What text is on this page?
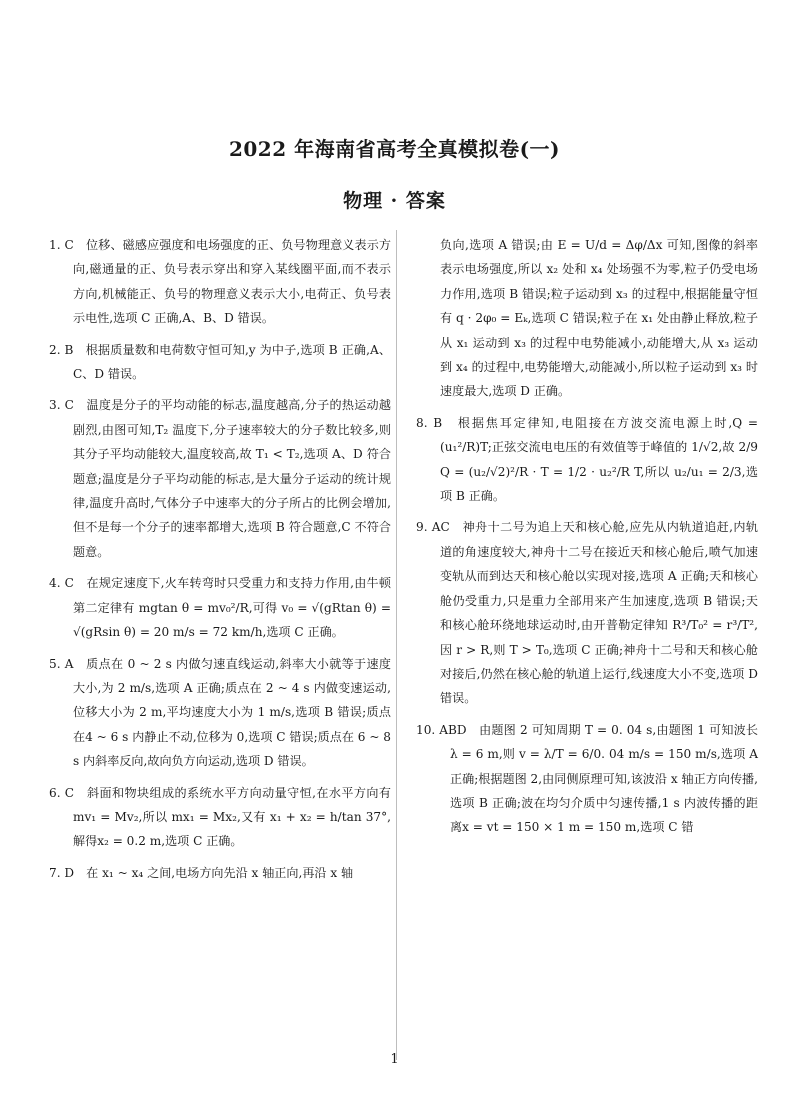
2022 年海南省高考全真模拟卷(一)
物理 · 答案

1. C　位移、磁感应强度和电场强度的正、负号物理意义表示方向,磁通量的正、负号表示穿出和穿入某线圈平面,而不表示方向,机械能正、负号的物理意义表示大小,电荷正、负号表示电性,选项 C 正确,A、B、D 错误。

2. B　根据质量数和电荷数守恒可知,y 为中子,选项 B 正确,A、C、D 错误。

3. C　温度是分子的平均动能的标志,温度越高,分子的热运动越剧烈,由图可知,T₂ 温度下,分子速率较大的分子数比较多,则其分子平均动能较大,温度较高,故 T₁ < T₂,选项 A、D 符合题意;温度是分子平均动能的标志,是大量分子运动的统计规律,温度升高时,气体分子中速率大的分子所占的比例会增加,但不是每一个分子的速率都增大,选项 B 符合题意,C 不符合题意。

4. C　在规定速度下,火车转弯时只受重力和支持力作用,由牛顿第二定律有 mgtan θ = mv₀²/R,可得 v₀ = √(gRtan θ) = √(gRsin θ) = 20 m/s = 72 km/h,选项 C 正确。

5. A　质点在 0 ~ 2 s 内做匀速直线运动,斜率大小就等于速度大小,为 2 m/s,选项 A 正确;质点在 2 ~ 4 s 内做变速运动,位移大小为 2 m,平均速度大小为 1 m/s,选项 B 错误;质点在4 ~ 6 s 内静止不动,位移为 0,选项 C 错误;质点在 6 ~ 8 s 内斜率反向,故向负方向运动,选项 D 错误。

6. C　斜面和物块组成的系统水平方向动量守恒,在水平方向有 mv₁ = Mv₂,所以 mx₁ = Mx₂,又有 x₁ + x₂ = h/tan 37°,解得x₂ = 0.2 m,选项 C 正确。

7. D　在 x₁ ~ x₄ 之间,电场方向先沿 x 轴正向,再沿 x 轴

负向,选项 A 错误;由 E = U/d = Δφ/Δx 可知,图像的斜率表示电场强度,所以 x₂ 处和 x₄ 处场强不为零,粒子仍受电场力作用,选项 B 错误;粒子运动到 x₃ 的过程中,根据能量守恒有 q · 2φ₀ = Eₖ,选项 C 错误;粒子在 x₁ 处由静止释放,粒子从 x₁ 运动到 x₃ 的过程中电势能减小,动能增大,从 x₃ 运动到 x₄ 的过程中,电势能增大,动能减小,所以粒子运动到 x₃ 时速度最大,选项 D 正确。

8. B　根据焦耳定律知,电阻接在方波交流电源上时,Q = (u₁²/R)T;正弦交流电电压的有效值等于峰值的 1/√2,故 2/9 Q = (u₂/√2)²/R · T = 1/2 · u₂²/R T,所以 u₂/u₁ = 2/3,选项 B 正确。

9. AC　神舟十二号为追上天和核心舱,应先从内轨道追赶,内轨道的角速度较大,神舟十二号在接近天和核心舱后,喷气加速变轨从而到达天和核心舱以实现对接,选项 A 正确;天和核心舱仍受重力,只是重力全部用来产生加速度,选项 B 错误;天和核心舱环绕地球运动时,由开普勒定律知 R³/T₀² = r³/T²,因 r > R,则 T > T₀,选项 C 正确;神舟十二号和天和核心舱对接后,仍然在核心舱的轨道上运行,线速度大小不变,选项 D 错误。

10. ABD　由题图 2 可知周期 T = 0. 04 s,由题图 1 可知波长 λ = 6 m,则 v = λ/T = 6/0. 04 m/s = 150 m/s,选项 A 正确;根据题图 2,由同侧原理可知,该波沿 x 轴正方向传播,选项 B 正确;波在均匀介质中匀速传播,1 s 内波传播的距离x = vt = 150 × 1 m = 150 m,选项 C 错

1
